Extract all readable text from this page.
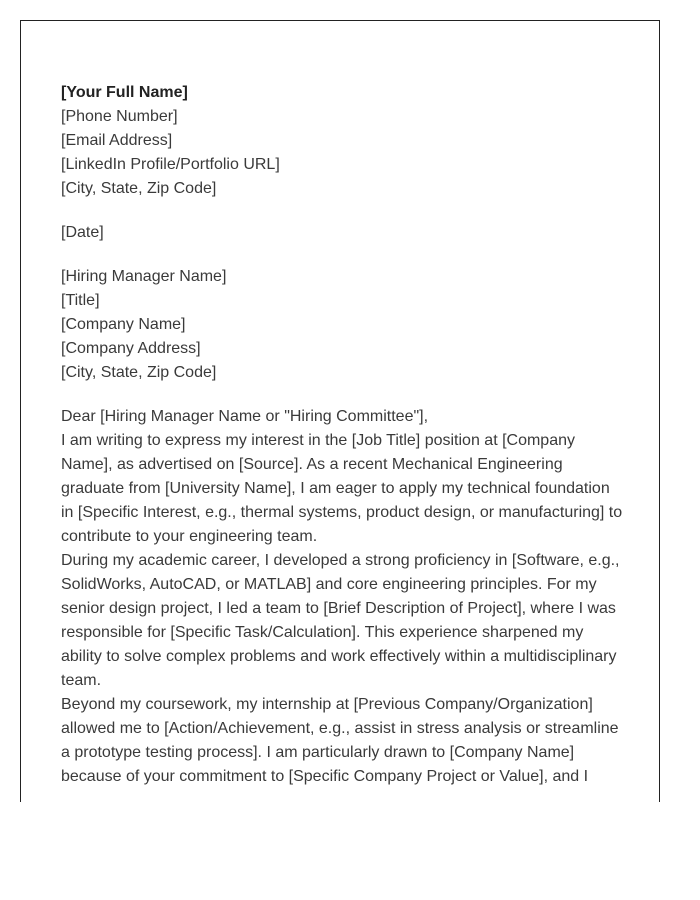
[Your Full Name]
[Phone Number]
[Email Address]
[LinkedIn Profile/Portfolio URL]
[City, State, Zip Code]
[Date]
[Hiring Manager Name]
[Title]
[Company Name]
[Company Address]
[City, State, Zip Code]
Dear [Hiring Manager Name or "Hiring Committee"],

I am writing to express my interest in the [Job Title] position at [Company Name], as advertised on [Source]. As a recent Mechanical Engineering graduate from [University Name], I am eager to apply my technical foundation in [Specific Interest, e.g., thermal systems, product design, or manufacturing] to contribute to your engineering team.

During my academic career, I developed a strong proficiency in [Software, e.g., SolidWorks, AutoCAD, or MATLAB] and core engineering principles. For my senior design project, I led a team to [Brief Description of Project], where I was responsible for [Specific Task/Calculation]. This experience sharpened my ability to solve complex problems and work effectively within a multidisciplinary team.

Beyond my coursework, my internship at [Previous Company/Organization] allowed me to [Action/Achievement, e.g., assist in stress analysis or streamline a prototype testing process]. I am particularly drawn to [Company Name] because of your commitment to [Specific Company Project or Value], and I
